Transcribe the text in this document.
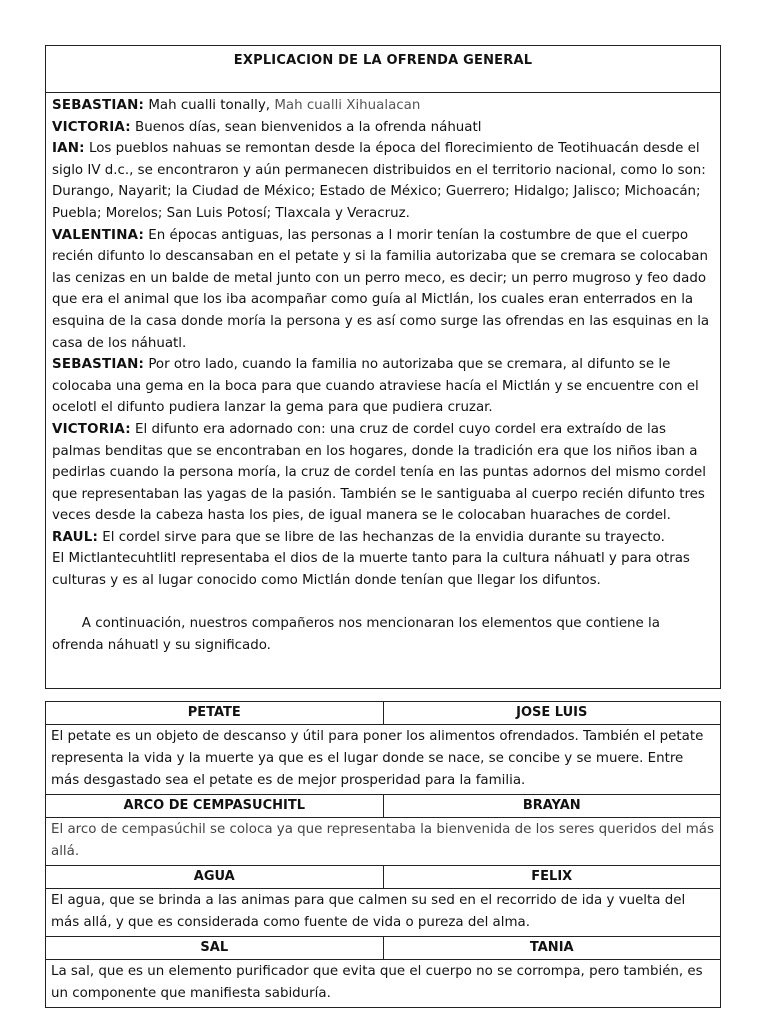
EXPLICACION DE LA OFRENDA GENERAL
SEBASTIAN: Mah cualli tonally, Mah cualli Xihualacan
VICTORIA: Buenos días, sean bienvenidos a la ofrenda náhuatl
IAN: Los pueblos nahuas se remontan desde la época del florecimiento de Teotihuacán desde el siglo IV d.c., se encontraron y aún permanecen distribuidos en el territorio nacional, como lo son: Durango, Nayarit; la Ciudad de México; Estado de México; Guerrero; Hidalgo; Jalisco; Michoacán; Puebla; Morelos; San Luis Potosí; Tlaxcala y Veracruz.
VALENTINA: En épocas antiguas, las personas a l morir tenían la costumbre de que el cuerpo recién difunto lo descansaban en el petate y si la familia autorizaba que se cremara se colocaban las cenizas en un balde de metal junto con un perro meco, es decir; un perro mugroso y feo dado que era el animal que los iba acompañar como guía al Mictlán, los cuales eran enterrados en la esquina de la casa donde moría la persona y es así como surge las ofrendas en las esquinas en la casa de los náhuatl.
SEBASTIAN: Por otro lado, cuando la familia no autorizaba que se cremara, al difunto se le colocaba una gema en la boca para que cuando atraviese hacía el Mictlán y se encuentre con el ocelotl el difunto pudiera lanzar la gema para que pudiera cruzar.
VICTORIA: El difunto era adornado con: una cruz de cordel cuyo cordel era extraído de las palmas benditas que se encontraban en los hogares, donde la tradición era que los niños iban a pedirlas cuando la persona moría, la cruz de cordel tenía en las puntas adornos del mismo cordel que representaban las yagas de la pasión. También se le santiguaba al cuerpo recién difunto tres veces desde la cabeza hasta los pies, de igual manera se le colocaban huaraches de cordel.
RAUL: El cordel sirve para que se libre de las hechanzas de la envidia durante su trayecto.
El Mictlantecuhtlitl representaba el dios de la muerte tanto para la cultura náhuatl y para otras culturas y es al lugar conocido como Mictlán donde tenían que llegar los difuntos.

A continuación, nuestros compañeros nos mencionaran los elementos que contiene la ofrenda náhuatl y su significado.

PETATE	JOSE LUIS
El petate es un objeto de descanso y útil para poner los alimentos ofrendados. También el petate representa la vida y la muerte ya que es el lugar donde se nace, se concibe y se muere. Entre más desgastado sea el petate es de mejor prosperidad para la familia.
ARCO DE CEMPASUCHITL	BRAYAN
El arco de cempasúchil se coloca ya que representaba la bienvenida de los seres queridos del más allá.
AGUA	FELIX
El agua, que se brinda a las animas para que calmen su sed en el recorrido de ida y vuelta del más allá, y que es considerada como fuente de vida o pureza del alma.
SAL	TANIA
La sal, que es un elemento purificador que evita que el cuerpo no se corrompa, pero también, es un componente que manifiesta sabiduría.
